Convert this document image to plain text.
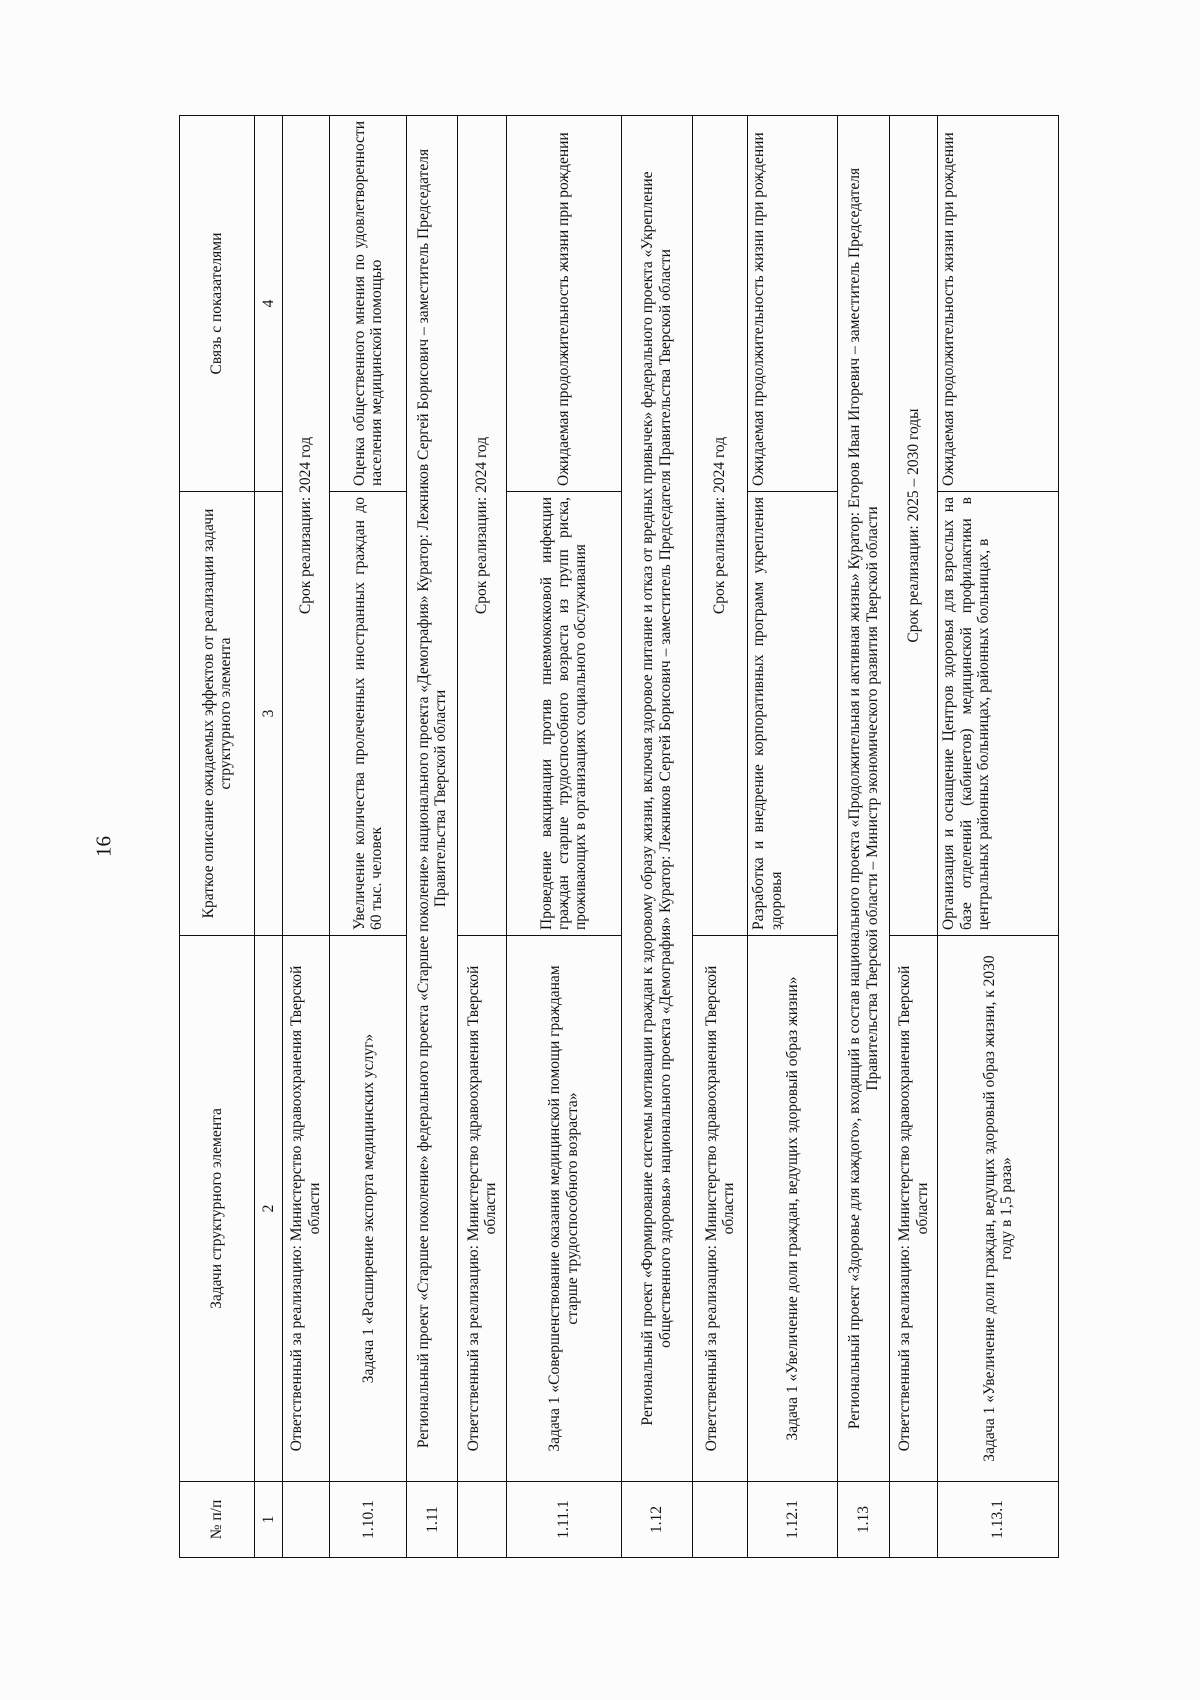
16
№ п/п	Задачи структурного элемента	Краткое описание ожидаемых эффектов от реализации задачи структурного элемента	Связь с показателями
1	2	3	4
	Ответственный за реализацию: Министерство здравоохранения Тверской области	Срок реализации: 2024 год	
1.10.1	Задача 1 «Расширение экспорта медицинских услуг»	Увеличение количества пролеченных иностранных граждан до 60 тыс. человек	Оценка общественного мнения по удовлетворенности населения медицинской помощью
1.11	Региональный проект «Старшее поколение» федерального проекта «Старшее поколение» национального проекта «Демография» Куратор: Лежников Сергей Борисович – заместитель Председателя Правительства Тверской области		
	Ответственный за реализацию: Министерство здравоохранения Тверской области	Срок реализации: 2024 год	
1.11.1	Задача 1 «Совершенствование оказания медицинской помощи гражданам старше трудоспособного возраста»	Проведение вакцинации против пневмококковой инфекции граждан старше трудоспособного возраста из групп риска, проживающих в организациях социального обслуживания	Ожидаемая продолжительность жизни при рождении
1.12	Региональный проект «Формирование системы мотивации граждан к здоровому образу жизни, включая здоровое питание и отказ от вредных привычек» федерального проекта «Укрепление общественного здоровья» национального проекта «Демография» Куратор: Лежников Сергей Борисович – заместитель Председателя Правительства Тверской области		
	Ответственный за реализацию: Министерство здравоохранения Тверской области	Срок реализации: 2024 год	
1.12.1	Задача 1 «Увеличение доли граждан, ведущих здоровый образ жизни»	Разработка и внедрение корпоративных программ укрепления здоровья	Ожидаемая продолжительность жизни при рождении
1.13	Региональный проект «Здоровье для каждого», входящий в состав национального проекта «Продолжительная и активная жизнь» Куратор: Егоров Иван Игоревич – заместитель Председателя Правительства Тверской области – Министр экономического развития Тверской области		
	Ответственный за реализацию: Министерство здравоохранения Тверской области	Срок реализации: 2025 – 2030 годы	
1.13.1	Задача 1 «Увеличение доли граждан, ведущих здоровый образ жизни, к 2030 году в 1,5 раза»	Организация и оснащение Центров здоровья для взрослых на базе отделений (кабинетов) медицинской профилактики в центральных районных больницах, районных больницах, в	Ожидаемая продолжительность жизни при рождении
